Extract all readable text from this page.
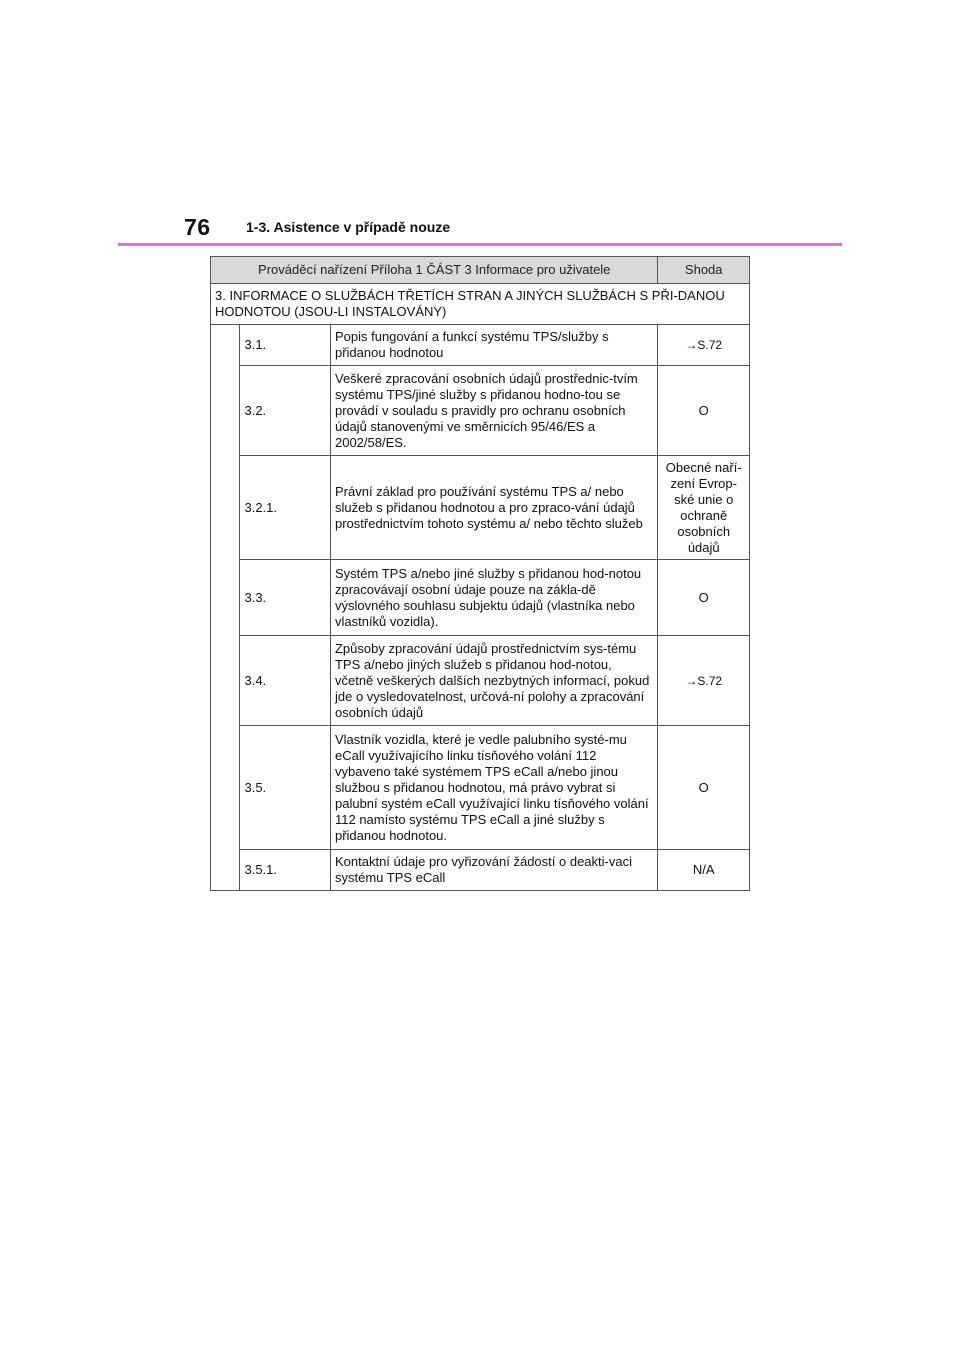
76	1-3. Asistence v případě nouze
Prováděcí nařízení Příloha 1 ČÁST 3 Informace pro uživatele			Shoda
3. INFORMACE O SLUŽBÁCH TŘETÍCH STRAN A JINÝCH SLUŽBÁCH S PŘI-DANOU HODNOTOU (JSOU-LI INSTALOVÁNY)			
	3.1.	Popis fungování a funkcí systému TPS/služby s přidanou hodnotou	→S.72
	3.2.	Veškeré zpracování osobních údajů prostřednic-tvím systému TPS/jiné služby s přidanou hodno-tou se provádí v souladu s pravidly pro ochranu osobních údajů stanovenými ve směrnicích 95/46/ES a 2002/58/ES.	O
	3.2.1.	Právní základ pro používání systému TPS a/ nebo služeb s přidanou hodnotou a pro zpraco-vání údajů prostřednictvím tohoto systému a/ nebo těchto služeb	Obecné naří-zení Evrop-ské unie o ochraně osobních údajů
	3.3.	Systém TPS a/nebo jiné služby s přidanou hod-notou zpracovávají osobní údaje pouze na zákla-dě výslovného souhlasu subjektu údajů (vlastníka nebo vlastníků vozidla).	O
	3.4.	Způsoby zpracování údajů prostřednictvím sys-tému TPS a/nebo jiných služeb s přidanou hod-notou, včetně veškerých dalších nezbytných informací, pokud jde o vysledovatelnost, určová-ní polohy a zpracování osobních údajů	→S.72
	3.5.	Vlastník vozidla, které je vedle palubního systé-mu eCall využívajícího linku tísňového volání 112 vybaveno také systémem TPS eCall a/nebo jinou službou s přidanou hodnotou, má právo vybrat si palubní systém eCall využívající linku tísňového volání 112 namísto systému TPS eCall a jiné služby s přidanou hodnotou.	O
	3.5.1.	Kontaktní údaje pro vyřizování žádostí o deakti-vaci systému TPS eCall	N/A
